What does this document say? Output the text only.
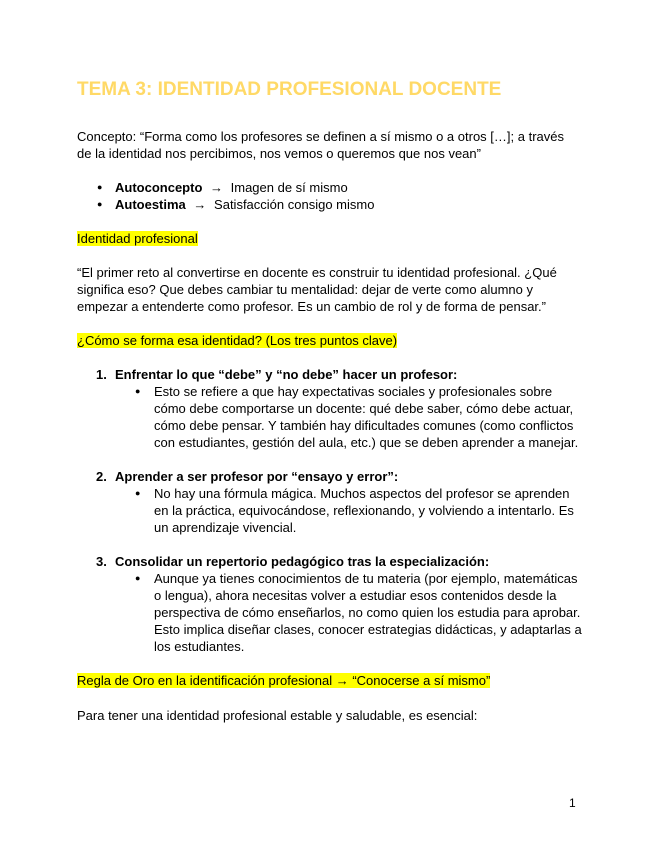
TEMA 3: IDENTIDAD PROFESIONAL DOCENTE

Concepto: “Forma como los profesores se definen a sí mismo o a otros […]; a través de la identidad nos percibimos, nos vemos o queremos que nos vean”

● Autoconcepto → Imagen de sí mismo
● Autoestima → Satisfacción consigo mismo

Identidad profesional

“El primer reto al convertirse en docente es construir tu identidad profesional. ¿Qué significa eso? Que debes cambiar tu mentalidad: dejar de verte como alumno y empezar a entenderte como profesor. Es un cambio de rol y de forma de pensar.”

¿Cómo se forma esa identidad? (Los tres puntos clave)

1. Enfrentar lo que “debe” y “no debe” hacer un profesor:
● Esto se refiere a que hay expectativas sociales y profesionales sobre cómo debe comportarse un docente: qué debe saber, cómo debe actuar, cómo debe pensar. Y también hay dificultades comunes (como conflictos con estudiantes, gestión del aula, etc.) que se deben aprender a manejar.
2. Aprender a ser profesor por “ensayo y error”:
● No hay una fórmula mágica. Muchos aspectos del profesor se aprenden en la práctica, equivocándose, reflexionando, y volviendo a intentarlo. Es un aprendizaje vivencial.
3. Consolidar un repertorio pedagógico tras la especialización:
● Aunque ya tienes conocimientos de tu materia (por ejemplo, matemáticas o lengua), ahora necesitas volver a estudiar esos contenidos desde la perspectiva de cómo enseñarlos, no como quien los estudia para aprobar. Esto implica diseñar clases, conocer estrategias didácticas, y adaptarlas a los estudiantes.

Regla de Oro en la identificación profesional → “Conocerse a sí mismo”

Para tener una identidad profesional estable y saludable, es esencial:

1
